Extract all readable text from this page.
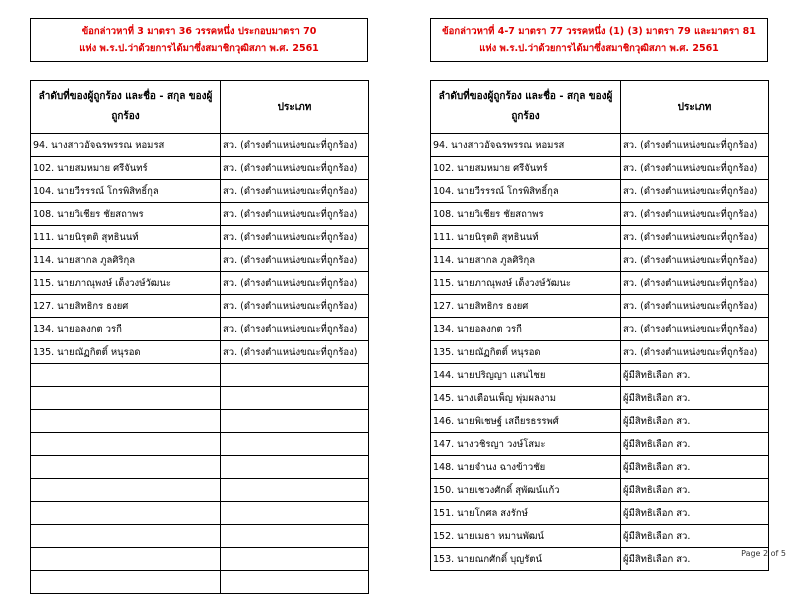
ข้อกล่าวหาที่ 3 มาตรา 36 วรรคหนึ่ง ประกอบมาตรา 70
แห่ง พ.ร.ป.ว่าด้วยการได้มาซึ่งสมาชิกวุฒิสภา พ.ศ. 2561
ลำดับที่ของผู้ถูกร้อง และชื่อ - สกุล ของผู้ถูกร้อง	ประเภท
94. นางสาวอัจฉรพรรณ หอมรส	สว. (ดำรงตำแหน่งขณะที่ถูกร้อง)
102. นายสมหมาย ศรีจันทร์	สว. (ดำรงตำแหน่งขณะที่ถูกร้อง)
104. นายวีรรรณ์ โกรพิสิทธิ์กุล	สว. (ดำรงตำแหน่งขณะที่ถูกร้อง)
108. นายวิเชียร ชัยสถาพร	สว. (ดำรงตำแหน่งขณะที่ถูกร้อง)
111. นายนิรุตติ สุทธินนท์	สว. (ดำรงตำแหน่งขณะที่ถูกร้อง)
114. นายสากล ภูลศิริกุล	สว. (ดำรงตำแหน่งขณะที่ถูกร้อง)
115. นายภาณุพงษ์ เด็งวงษ์วัฒนะ	สว. (ดำรงตำแหน่งขณะที่ถูกร้อง)
127. นายสิทธิกร ธงยศ	สว. (ดำรงตำแหน่งขณะที่ถูกร้อง)
134. นายอลงกต วรกี	สว. (ดำรงตำแหน่งขณะที่ถูกร้อง)
135. นายณัฏกิตติ์ หนุรอด	สว. (ดำรงตำแหน่งขณะที่ถูกร้อง)

ข้อกล่าวหาที่ 4-7 มาตรา 77 วรรคหนึ่ง (1) (3) มาตรา 79 และมาตรา 81
แห่ง พ.ร.ป.ว่าด้วยการได้มาซึ่งสมาชิกวุฒิสภา พ.ศ. 2561
ลำดับที่ของผู้ถูกร้อง และชื่อ - สกุล ของผู้ถูกร้อง	ประเภท
94. นางสาวอัจฉรพรรณ หอมรส	สว. (ดำรงตำแหน่งขณะที่ถูกร้อง)
102. นายสมหมาย ศรีจันทร์	สว. (ดำรงตำแหน่งขณะที่ถูกร้อง)
104. นายวีรรรณ์ โกรพิสิทธิ์กุล	สว. (ดำรงตำแหน่งขณะที่ถูกร้อง)
108. นายวิเชียร ชัยสถาพร	สว. (ดำรงตำแหน่งขณะที่ถูกร้อง)
111. นายนิรุตติ สุทธินนท์	สว. (ดำรงตำแหน่งขณะที่ถูกร้อง)
114. นายสากล ภูลศิริกุล	สว. (ดำรงตำแหน่งขณะที่ถูกร้อง)
115. นายภาณุพงษ์ เด็งวงษ์วัฒนะ	สว. (ดำรงตำแหน่งขณะที่ถูกร้อง)
127. นายสิทธิกร ธงยศ	สว. (ดำรงตำแหน่งขณะที่ถูกร้อง)
134. นายอลงกต วรกี	สว. (ดำรงตำแหน่งขณะที่ถูกร้อง)
135. นายณัฏกิตติ์ หนุรอด	สว. (ดำรงตำแหน่งขณะที่ถูกร้อง)
144. นายปริญญา แสนไชย	ผู้มีสิทธิเลือก สว.
145. นางเตือนเพ็ญ พุ่มผลงาม	ผู้มีสิทธิเลือก สว.
146. นายพิเชษฐ์ เสถียรธรรพศ์	ผู้มีสิทธิเลือก สว.
147. นางวชิรญา วงษ์โสมะ	ผู้มีสิทธิเลือก สว.
148. นายจำนง ฉางข้าวชัย	ผู้มีสิทธิเลือก สว.
150. นายเชวงศักดิ์ สุพัฒน์แก้ว	ผู้มีสิทธิเลือก สว.
151. นายโกศล สงรักษ์	ผู้มีสิทธิเลือก สว.
152. นายเมธา หมานพัฒน์	ผู้มีสิทธิเลือก สว.
153. นายณกศักดิ์ บุญรัตน์	ผู้มีสิทธิเลือก สว.	Page 2 of 5
